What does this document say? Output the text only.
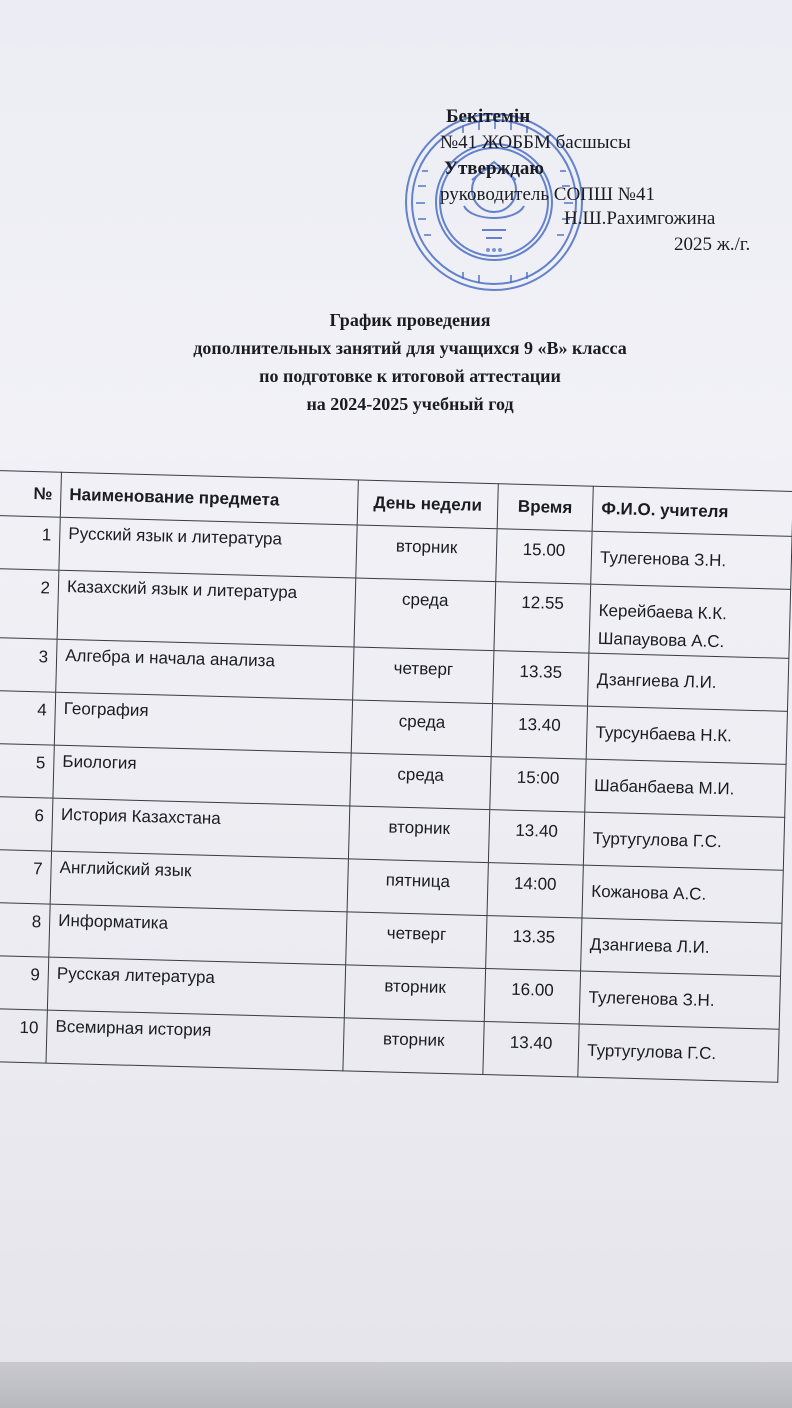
Бекітемін
№41 ЖОББМ басшысы
Утверждаю
руководитель СОПШ №41
Н.Ш.Рахимгожина
2025 ж./г.
График проведения
дополнительных занятий для учащихся 9 «В» класса
по подготовке к итоговой аттестации
на 2024-2025 учебный год
№	Наименование предмета	День недели	Время	Ф.И.О. учителя
1	Русский язык и литература	вторник	15.00	Тулегенова З.Н.

2	Казахский язык и литература	среда	12.55	Керейбаева К.К.
Шапаувова А.С.

3	Алгебра и начала анализа	четверг	13.35	Дзангиева Л.И.

4	География	среда	13.40	Турсунбаева Н.К.

5	Биология	среда	15:00	Шабанбаева М.И.

6	История Казахстана	вторник	13.40	Туртугулова Г.С.

7	Английский язык	пятница	14:00	Кожанова А.С.

8	Информатика	четверг	13.35	Дзангиева Л.И.

9	Русская литература	вторник	16.00	Тулегенова З.Н.

10	Всемирная история	вторник	13.40	Туртугулова Г.С.
